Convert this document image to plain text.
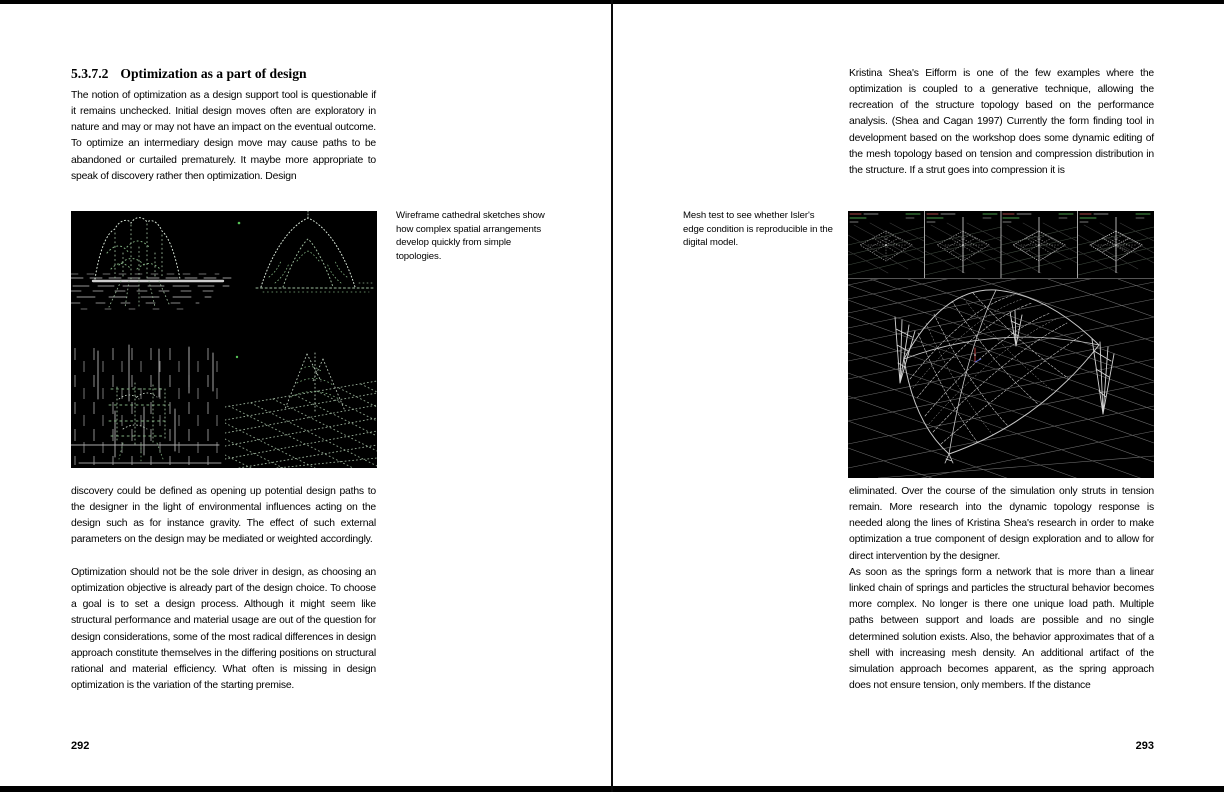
5.3.7.2 Optimization as a part of design

The notion of optimization as a design support tool is questionable if it remains unchecked. Initial design moves often are exploratory in nature and may or may not have an impact on the eventual outcome. To optimize an intermediary design move may cause paths to be abandoned or curtailed prematurely. It maybe more appropriate to speak of discovery rather then optimization. Design

Wireframe cathedral sketches show how complex spatial arrangements develop quickly from simple topologies.

discovery could be defined as opening up potential design paths to the designer in the light of environmental influences acting on the design such as for instance gravity. The effect of such external parameters on the design may be mediated or weighted accordingly.

Optimization should not be the sole driver in design, as choosing an optimization objective is already part of the design choice. To choose a goal is to set a design process. Although it might seem like structural performance and material usage are out of the question for design considerations, some of the most radical differences in design approach constitute themselves in the differing positions on structural rational and material efficiency. What often is missing in design optimization is the variation of the starting premise.

292

Kristina Shea's Eifform is one of the few examples where the optimization is coupled to a generative technique, allowing the recreation of the structure topology based on the performance analysis. (Shea and Cagan 1997) Currently the form finding tool in development based on the workshop does some dynamic editing of the mesh topology based on tension and compression distribution in the structure. If a strut goes into compression it is

Mesh test to see whether Isler's edge condition is reproducible in the digital model.

eliminated. Over the course of the simulation only struts in tension remain. More research into the dynamic topology response is needed along the lines of Kristina Shea's research in order to make optimization a true component of design exploration and to allow for direct intervention by the designer.

As soon as the springs form a network that is more than a linear linked chain of springs and particles the structural behavior becomes more complex. No longer is there one unique load path. Multiple paths between support and loads are possible and no single determined solution exists. Also, the behavior approximates that of a shell with increasing mesh density. An additional artifact of the simulation approach becomes apparent, as the spring approach does not ensure tension, only members. If the distance

293
